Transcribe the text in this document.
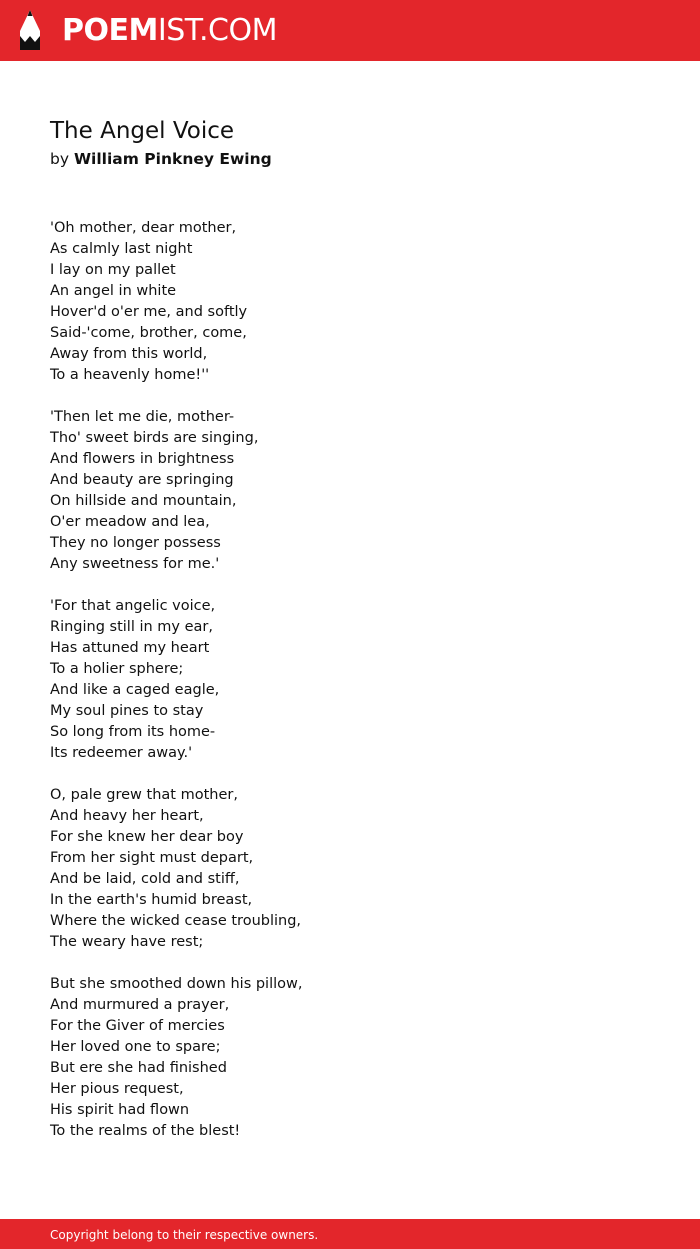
POEMIST.COM
The Angel Voice
by William Pinkney Ewing
'Oh mother, dear mother,
As calmly last night
I lay on my pallet
An angel in white
Hover'd o'er me, and softly
Said-'come, brother, come,
Away from this world,
To a heavenly home!''
'Then let me die, mother-
Tho' sweet birds are singing,
And flowers in brightness
And beauty are springing
On hillside and mountain,
O'er meadow and lea,
They no longer possess
Any sweetness for me.'
'For that angelic voice,
Ringing still in my ear,
Has attuned my heart
To a holier sphere;
And like a caged eagle,
My soul pines to stay
So long from its home-
Its redeemer away.'
O, pale grew that mother,
And heavy her heart,
For she knew her dear boy
From her sight must depart,
And be laid, cold and stiff,
In the earth's humid breast,
Where the wicked cease troubling,
The weary have rest;
But she smoothed down his pillow,
And murmured a prayer,
For the Giver of mercies
Her loved one to spare;
But ere she had finished
Her pious request,
His spirit had flown
To the realms of the blest!
Copyright belong to their respective owners.
